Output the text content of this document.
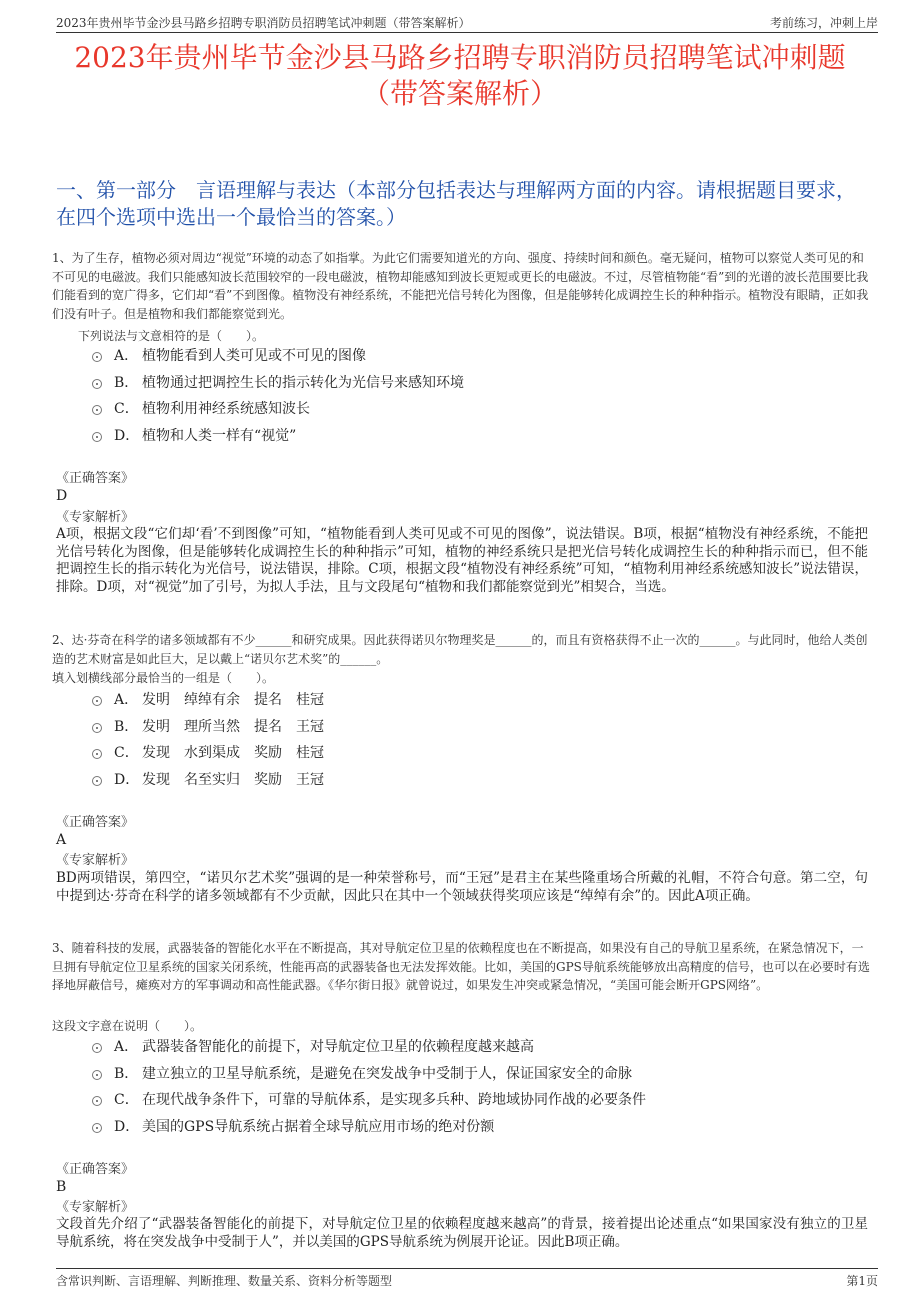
2023年贵州毕节金沙县马路乡招聘专职消防员招聘笔试冲刺题（带答案解析）	考前练习，冲刺上岸
2023年贵州毕节金沙县马路乡招聘专职消防员招聘笔试冲刺题
（带答案解析）
一、第一部分　言语理解与表达（本部分包括表达与理解两方面的内容。请根据题目要求，在四个选项中选出一个最恰当的答案。）
1、为了生存，植物必须对周边“视觉”环境的动态了如指掌。为此它们需要知道光的方向、强度、持续时间和颜色。毫无疑问，植物可以察觉人类可见的和不可见的电磁波。我们只能感知波长范围较窄的一段电磁波，植物却能感知到波长更短或更长的电磁波。不过，尽管植物能“看”到的光谱的波长范围要比我们能看到的宽广得多，它们却“看”不到图像。植物没有神经系统，不能把光信号转化为图像，但是能够转化成调控生长的种种指示。植物没有眼睛，正如我们没有叶子。但是植物和我们都能察觉到光。
下列说法与文意相符的是（　　）。
A． 植物能看到人类可见或不可见的图像
B． 植物通过把调控生长的指示转化为光信号来感知环境
C． 植物利用神经系统感知波长
D． 植物和人类一样有“视觉”
《正确答案》
D
《专家解析》
A项，根据文段“它们却‘看’不到图像”可知，“植物能看到人类可见或不可见的图像”，说法错误。B项，根据“植物没有神经系统，不能把光信号转化为图像，但是能够转化成调控生长的种种指示”可知，植物的神经系统只是把光信号转化成调控生长的种种指示而已，但不能把调控生长的指示转化为光信号，说法错误，排除。C项，根据文段“植物没有神经系统”可知，“植物利用神经系统感知波长”说法错误，排除。D项，对“视觉”加了引号，为拟人手法，且与文段尾句“植物和我们都能察觉到光”相契合，当选。
2、达·芬奇在科学的诸多领域都有不少______和研究成果。因此获得诺贝尔物理奖是______的，而且有资格获得不止一次的______。与此同时，他给人类创造的艺术财富是如此巨大，足以戴上“诺贝尔艺术奖”的______。
填入划横线部分最恰当的一组是（　　）。
A． 发明　绰绰有余　提名　桂冠
B． 发明　理所当然　提名　王冠
C． 发现　水到渠成　奖励　桂冠
D． 发现　名至实归　奖励　王冠
《正确答案》
A
《专家解析》
BD两项错误，第四空，“诺贝尔艺术奖”强调的是一种荣誉称号，而“王冠”是君主在某些隆重场合所戴的礼帽，不符合句意。第二空，句中提到达·芬奇在科学的诸多领域都有不少贡献，因此只在其中一个领域获得奖项应该是“绰绰有余”的。因此A项正确。
3、随着科技的发展，武器装备的智能化水平在不断提高，其对导航定位卫星的依赖程度也在不断提高，如果没有自己的导航卫星系统，在紧急情况下，一旦拥有导航定位卫星系统的国家关闭系统，性能再高的武器装备也无法发挥效能。比如，美国的GPS导航系统能够放出高精度的信号，也可以在必要时有选择地屏蔽信号，瘫痪对方的军事调动和高性能武器。《华尔街日报》就曾说过，如果发生冲突或紧急情况，“美国可能会断开GPS网络”。
这段文字意在说明（　　）。
A． 武器装备智能化的前提下，对导航定位卫星的依赖程度越来越高
B． 建立独立的卫星导航系统，是避免在突发战争中受制于人，保证国家安全的命脉
C． 在现代战争条件下，可靠的导航体系，是实现多兵种、跨地域协同作战的必要条件
D． 美国的GPS导航系统占据着全球导航应用市场的绝对份额
《正确答案》
B
《专家解析》
文段首先介绍了“武器装备智能化的前提下，对导航定位卫星的依赖程度越来越高”的背景，接着提出论述重点“如果国家没有独立的卫星导航系统，将在突发战争中受制于人”，并以美国的GPS导航系统为例展开论证。因此B项正确。
含常识判断、言语理解、判断推理、数量关系、资料分析等题型	第1页
